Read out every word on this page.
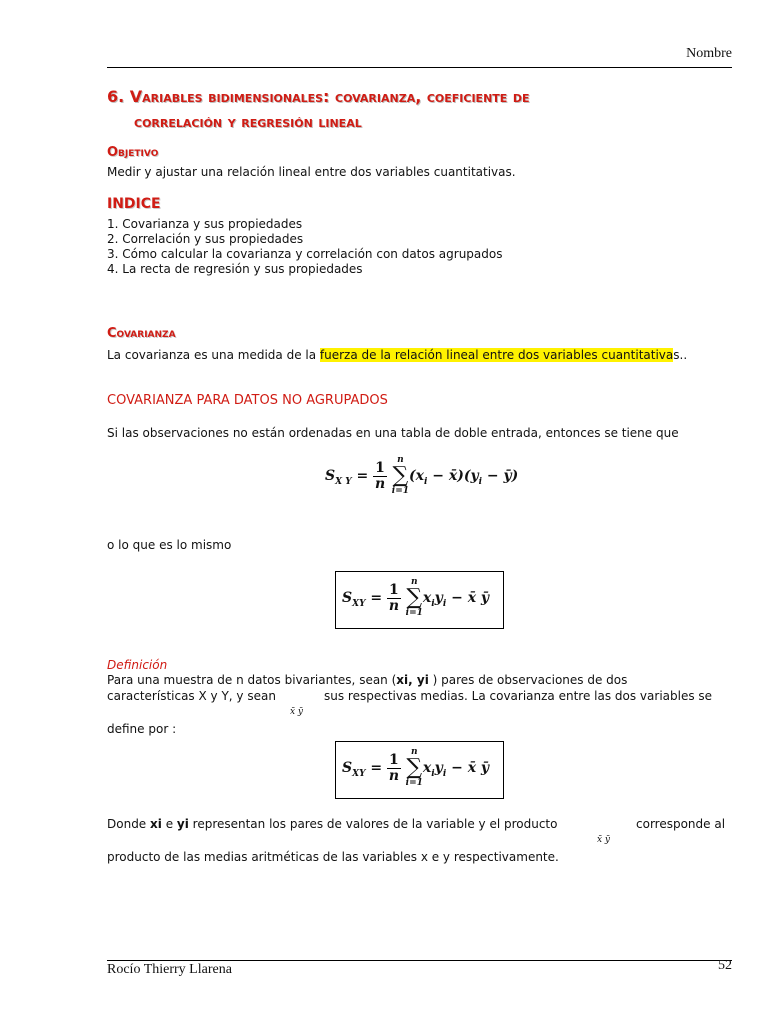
Nombre
6. Variables bidimensionales: covarianza, coeficiente de
correlación y regresión lineal
Objetivo
Medir y ajustar una relación lineal entre dos variables cuantitativas.
INDICE
1. Covarianza y sus propiedades
2. Correlación y sus propiedades
3. Cómo calcular la covarianza y correlación con datos agrupados
4. La recta de regresión y sus propiedades
Covarianza
La covarianza es una medida de la fuerza de la relación lineal entre dos variables cuantitativas..
COVARIANZA PARA DATOS NO AGRUPADOS
Si las observaciones no están ordenadas en una tabla de doble entrada, entonces se tiene que
$S_{X Y} = \frac{1}{n}$

n
∑
i=1
($x_i$ − $x̄)(y_i$ − ȳ)
o lo que es lo mismo
$S_{XY} = \frac{1}{n}$

n
∑
i=1
$x_iy_i$ − x̄ ȳ
Definición
Para una muestra de n datos bivariantes, sean (xi, yi ) pares de observaciones de dos
características X y Y, y sean	sus respectivas medias. La covarianza entre las dos variables se
x̄ ȳ
define por :
$S_{XY} = \frac{1}{n}$

n
∑
i=1
$x_iy_i$ − x̄ ȳ
Donde xi e yi representan los pares de valores de la variable y el producto	corresponde al
x̄ ȳ
producto de las medias aritméticas de las variables x e y respectivamente.
Rocío Thierry Llarena	52
